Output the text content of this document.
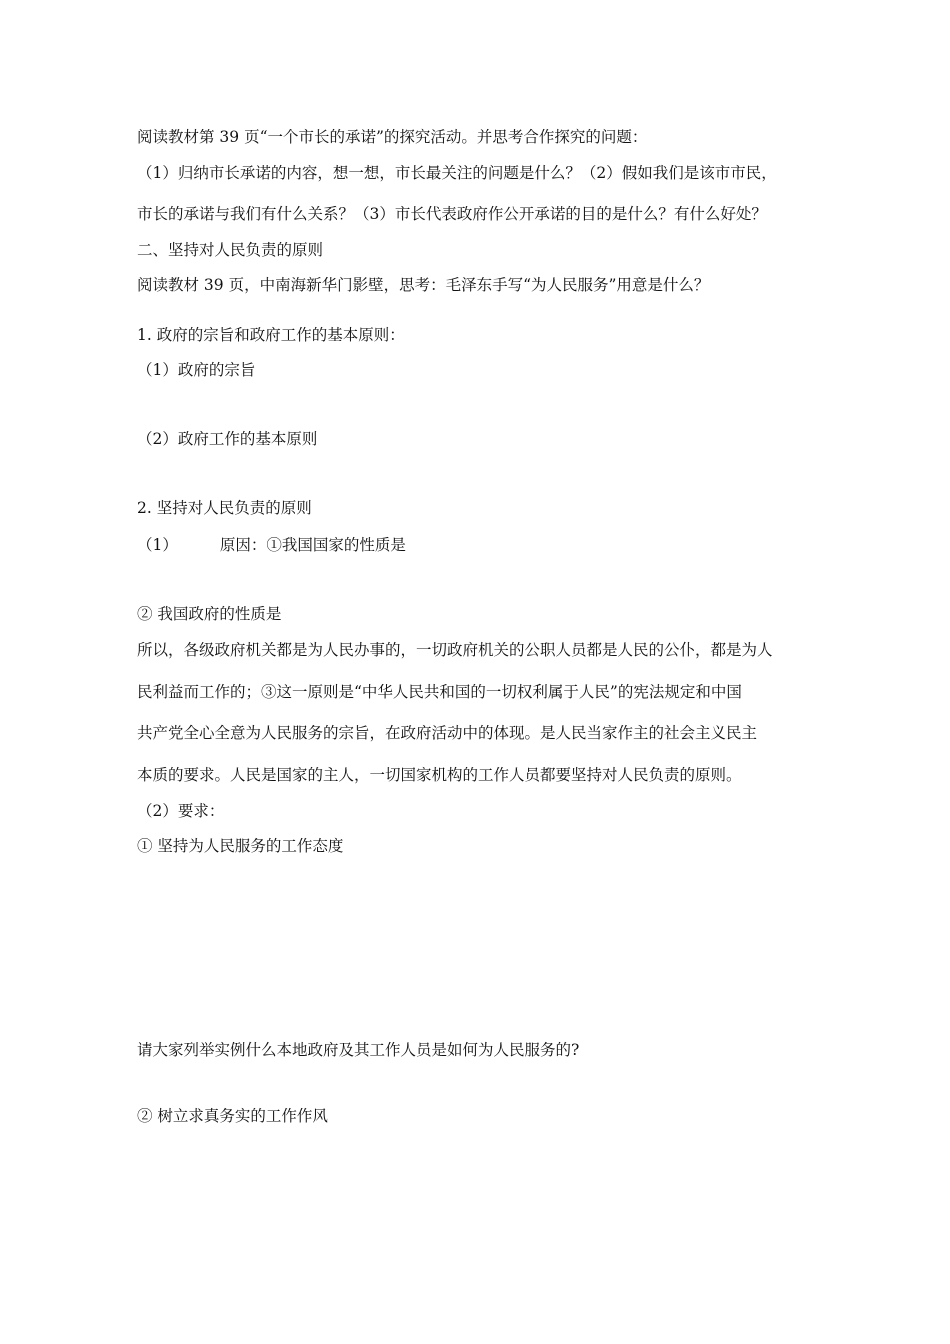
阅读教材第 39 页“一个市长的承诺”的探究活动。并思考合作探究的问题：
（1）归纳市长承诺的内容，想一想，市长最关注的问题是什么？（2）假如我们是该市市民，
市长的承诺与我们有什么关系？（3）市长代表政府作公开承诺的目的是什么？有什么好处？
二、坚持对人民负责的原则
阅读教材 39 页，中南海新华门影壁，思考：毛泽东手写“为人民服务”用意是什么？
1. 政府的宗旨和政府工作的基本原则：
（1）政府的宗旨
（2）政府工作的基本原则
2. 坚持对人民负责的原则
（1）	原因：①我国国家的性质是
② 我国政府的性质是
所以，各级政府机关都是为人民办事的，一切政府机关的公职人员都是人民的公仆，都是为人
民利益而工作的；③这一原则是“中华人民共和国的一切权利属于人民”的宪法规定和中国
共产党全心全意为人民服务的宗旨，在政府活动中的体现。是人民当家作主的社会主义民主
本质的要求。人民是国家的主人，一切国家机构的工作人员都要坚持对人民负责的原则。
（2）要求：
① 坚持为人民服务的工作态度
请大家列举实例什么本地政府及其工作人员是如何为人民服务的?
② 树立求真务实的工作作风
